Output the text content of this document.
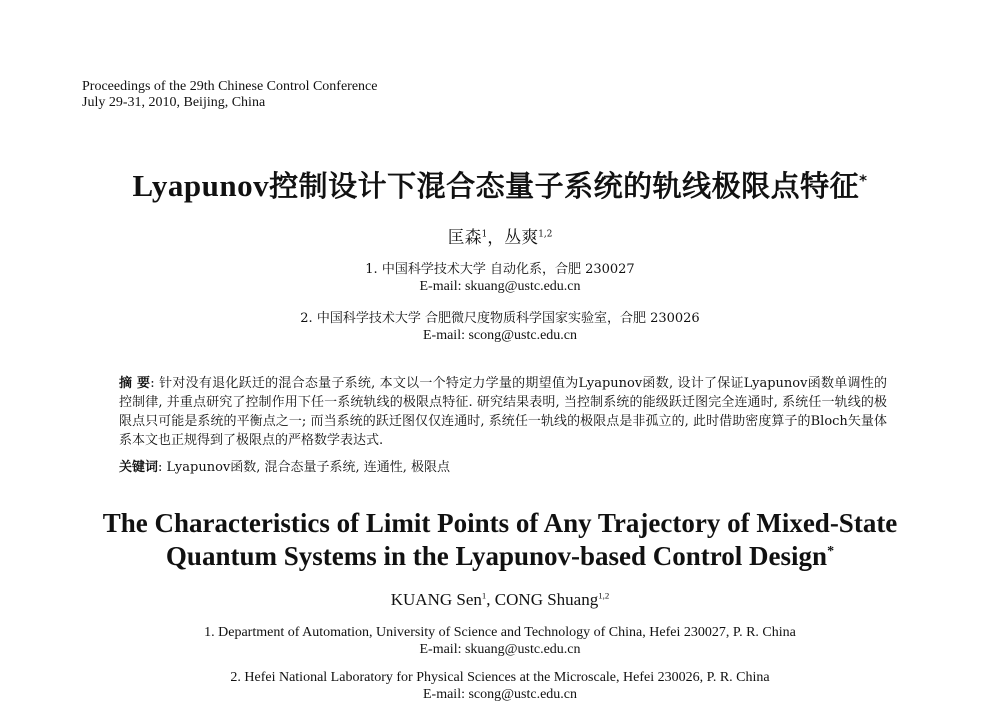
Proceedings of the 29th Chinese Control Conference
July 29-31, 2010, Beijing, China
Lyapunov控制设计下混合态量子系统的轨线极限点特征*
匡森$^1$，丛爽$^{1,2}$
1. 中国科学技术大学 自动化系，合肥 230027
E-mail: skuang@ustc.edu.cn
2. 中国科学技术大学 合肥微尺度物质科学国家实验室，合肥 230026
E-mail: scong@ustc.edu.cn
摘 要: 针对没有退化跃迁的混合态量子系统, 本文以一个特定力学量的期望值为Lyapunov函数, 设计了保证Lyapunov函数单调性的控制律, 并重点研究了控制作用下任一系统轨线的极限点特征. 研究结果表明, 当控制系统的能级跃迁图完全连通时, 系统任一轨线的极限点只可能是系统的平衡点之一; 而当系统的跃迁图仅仅连通时, 系统任一轨线的极限点是非孤立的, 此时借助密度算子的Bloch矢量体系本文也正规得到了极限点的严格数学表达式.
关键词: Lyapunov函数, 混合态量子系统, 连通性, 极限点
The Characteristics of Limit Points of Any Trajectory of Mixed-State
Quantum Systems in the Lyapunov-based Control Design*
KUANG Sen$^1$, CONG Shuang$^{1,2}$
1. Department of Automation, University of Science and Technology of China, Hefei 230027, P. R. China
E-mail: skuang@ustc.edu.cn
2. Hefei National Laboratory for Physical Sciences at the Microscale, Hefei 230026, P. R. China
E-mail: scong@ustc.edu.cn
